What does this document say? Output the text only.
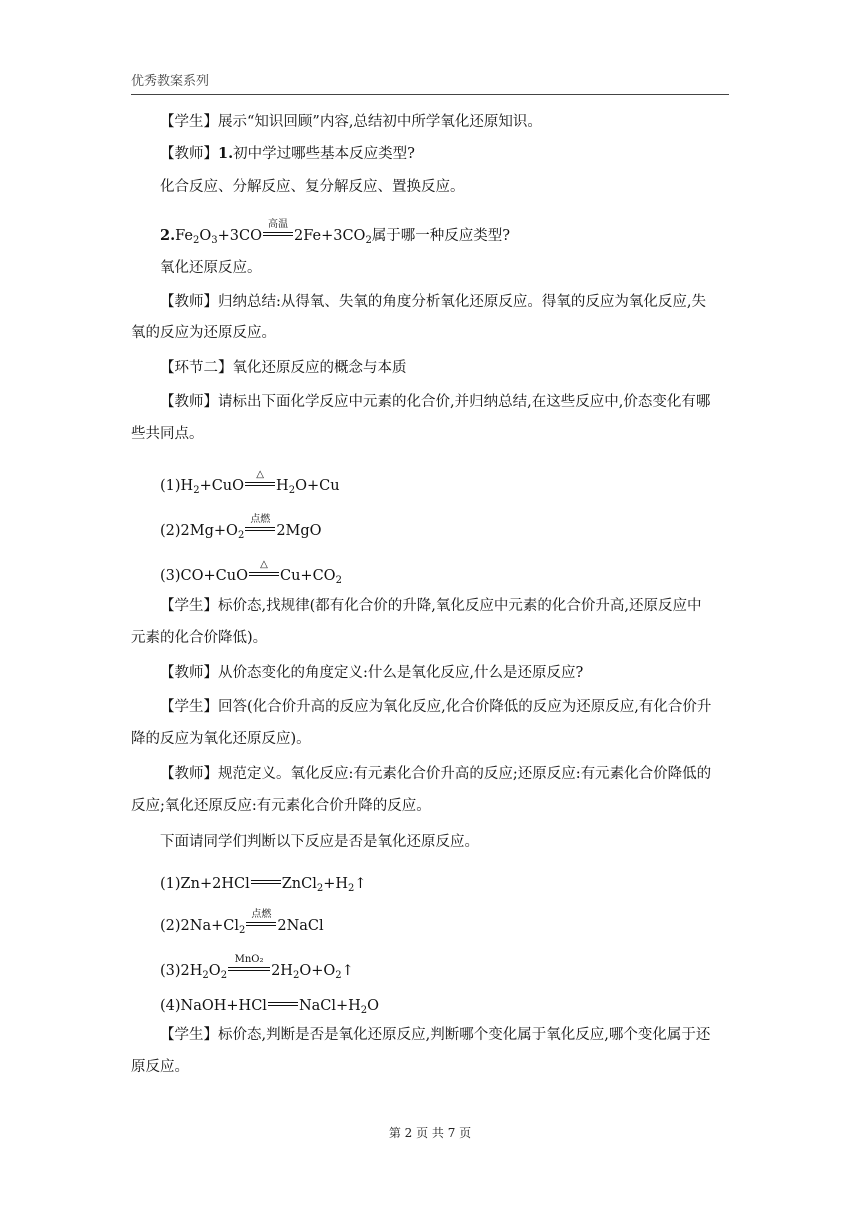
优秀教案系列
【学生】展示“知识回顾”内容,总结初中所学氧化还原知识。
【教师】1.初中学过哪些基本反应类型?
化合反应、分解反应、复分解反应、置换反应。
$2.Fe_2O_3+3CO$
高温
$2Fe+3CO_2$属于哪一种反应类型?
氧化还原反应。
【教师】归纳总结:从得氧、失氧的角度分析氧化还原反应。得氧的反应为氧化反应,失
氧的反应为还原反应。
【环节二】氧化还原反应的概念与本质
【教师】请标出下面化学反应中元素的化合价,并归纳总结,在这些反应中,价态变化有哪
些共同点。
$(1)H_2+CuO$
△
$H_2O+Cu$
$(2)2Mg+O_2$
点燃
2MgO
(3)CO+CuO
△
$Cu+CO_2$
【学生】标价态,找规律(都有化合价的升降,氧化反应中元素的化合价升高,还原反应中
元素的化合价降低)。
【教师】从价态变化的角度定义:什么是氧化反应,什么是还原反应?
【学生】回答(化合价升高的反应为氧化反应,化合价降低的反应为还原反应,有化合价升
降的反应为氧化还原反应)。
【教师】规范定义。氧化反应:有元素化合价升高的反应;还原反应:有元素化合价降低的
反应;氧化还原反应:有元素化合价升降的反应。
下面请同学们判断以下反应是否是氧化还原反应。
(1)Zn+2HCl $ZnCl_2+H_2↑$
$(2)2Na+Cl_2$
点燃
2NaCl
$(3)2H_2O_2$
MnO₂
$2H_2O+O_2↑$
(4)NaOH+HCl $NaCl+H_2O$
【学生】标价态,判断是否是氧化还原反应,判断哪个变化属于氧化反应,哪个变化属于还
原反应。
第 2 页 共 7 页
